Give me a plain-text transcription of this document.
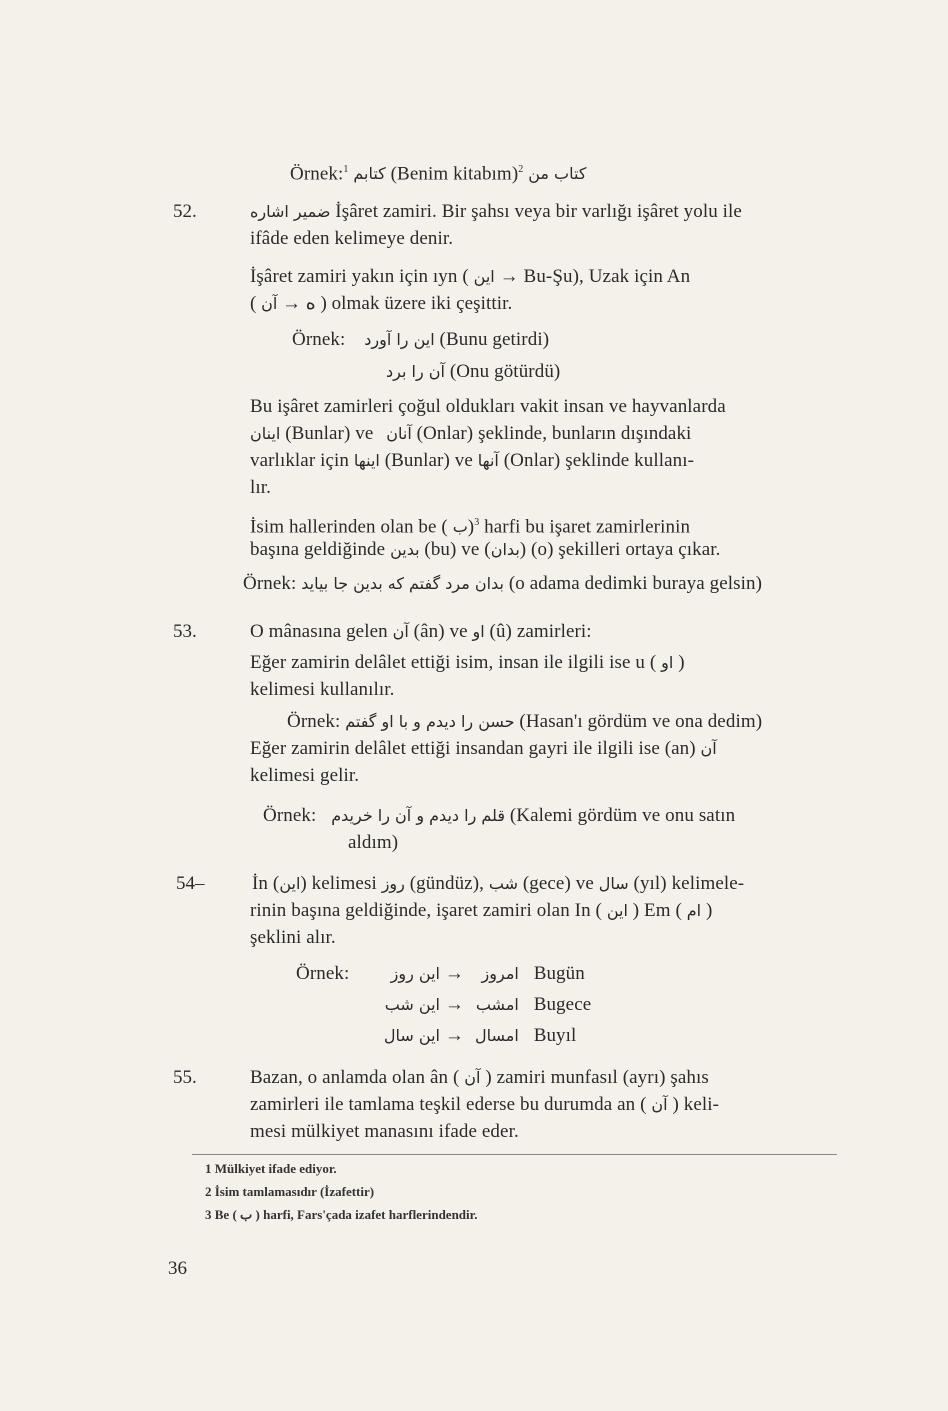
Örnek:$^1$ کتابم (Benim kitabım)$^2$ کتاب من
52.	ضمیر اشاره İşâret zamiri. Bir şahsı veya bir varlığı işâret yolu ile
ifâde eden kelimeye denir.
İşâret zamiri yakın için ıyn ( این → Bu-Şu), Uzak için An
( آن → ه ) olmak üzere iki çeşittir.
Örnek: این را آورد (Bunu getirdi)
آن را برد (Onu götürdü)
Bu işâret zamirleri çoğul oldukları vakit insan ve hayvanlarda
اینان (Bunlar) ve آنان (Onlar) şeklinde, bunların dışındaki
varlıklar için اینها (Bunlar) ve آنها (Onlar) şeklinde kullanı-
lır.
İsim hallerinden olan be ( ب)$^3$ harfi bu işaret zamirlerinin
başına geldiğinde بدین (bu) ve (بدان) (o) şekilleri ortaya çıkar.
Örnek: بدان مرد گفتم که بدین جا بیاید (o adama dedimki buraya gelsin)
53.	O mânasına gelen آن (ân) ve او (û) zamirleri:
Eğer zamirin delâlet ettiği isim, insan ile ilgili ise u ( او )
kelimesi kullanılır.
Örnek: حسن را دیدم و با او گفتم (Hasan'ı gördüm ve ona dedim)
Eğer zamirin delâlet ettiği insandan gayri ile ilgili ise (an) آن
kelimesi gelir.
Örnek: قلم را دیدم و آن را خریدم (Kalemi gördüm ve onu satın
aldım)
54–	İn (این) kelimesi روز (gündüz), شب (gece) ve سال (yıl) kelimele-
rinin başına geldiğinde, işaret zamiri olan In ( این ) Em ( ام )
şeklini alır.
Örnek:	این روز → امروز Bugün
این شب → امشب Bugece
این سال → امسال Buyıl
55.	Bazan, o anlamda olan ân ( آن ) zamiri munfasıl (ayrı) şahıs
zamirleri ile tamlama teşkil ederse bu durumda an ( آن ) keli-
mesi mülkiyet manasını ifade eder.
1 Mülkiyet ifade ediyor.
2 İsim tamlamasıdır (İzafettir)
3 Be ( ب ) harfi, Fars'çada izafet harflerindendir.
36
